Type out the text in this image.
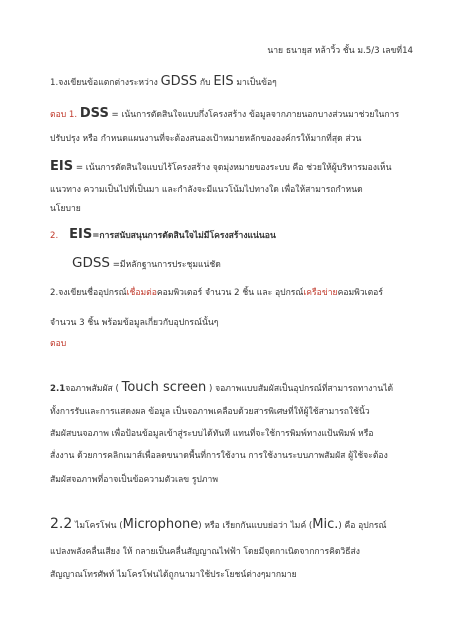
นาย ธนายุส หล้าวิ้ว ชั้น ม.5/3 เลขที่14
1.จงเขียนข้อแตกต่างระหว่าง GDSS กับ EIS มาเป็นข้อๆ
ตอบ 1. DSS = เน้นการตัดสินใจแบบกึ่งโครงสร้าง ข้อมูลจากภายนอกบางส่วนมาช่วยในการ
ปรับปรุง หรือ กำหนดแผนงานที่จะต้องสนองเป้าหมายหลักขององค์กรให้มากที่สุด ส่วน
EIS = เน้นการตัดสินใจแบบไร้โครงสร้าง จุดมุ่งหมายของระบบ คือ ช่วยให้ผู้บริหารมองเห็น
แนวทาง ความเป็นไปที่เป็นมา และกำลังจะมีแนวโน้มไปทางใด เพื่อให้สามารถกำหนด
นโยบาย
2. EIS=การสนับสนุนการตัดสินใจไม่มีโครงสร้างแน่นอน
GDSS =มีหลักฐานการประชุมแน่ชัด
2.จงเขียนชื่ออุปกรณ์เชื่อมต่อคอมพิวเตอร์ จำนวน 2 ชิ้น และ อุปกรณ์เครือข่ายคอมพิวเตอร์
จำนวน 3 ชิ้น พร้อมข้อมูลเกี่ยวกับอุปกรณ์นั้นๆ
ตอบ
2.1จอภาพสัมผัส ( Touch screen ) จอภาพแบบสัมผัสเป็นอุปกรณ์ที่สามารถทางานได้
ทั้งการรับและการแสดงผล ข้อมูล เป็นจอภาพเคลือบด้วยสารพิเศษที่ให้ผู้ใช้สามารถใช้นิ้ว
สัมผัสบนจอภาพ เพื่อป้อนข้อมูลเข้าสู่ระบบได้ทันที แทนที่จะใช้การพิมพ์ทางแป้นพิมพ์ หรือ
สั่งงาน ด้วยการคลิกเมาส์เพื่อลดขนาดพื้นที่การใช้งาน การใช้งานระบบภาพสัมผัส ผู้ใช้จะต้อง
สัมผัสจอภาพที่อาจเป็นข้อความตัวเลข รูปภาพ
2.2 ไมโครโฟน (Microphone) หรือ เรียกกันแบบย่อว่า ไมค์ (Mic.) คือ อุปกรณ์
แปลงพลังคลื่นเสียง ให้ กลายเป็นคลื่นสัญญาณไฟฟ้า โดยมีจุดกาเนิดจากการคิดวิธีส่ง
สัญญาณโทรศัพท์ ไมโครโฟนได้ถูกนามาใช้ประโยชน์ต่างๆมากมาย
